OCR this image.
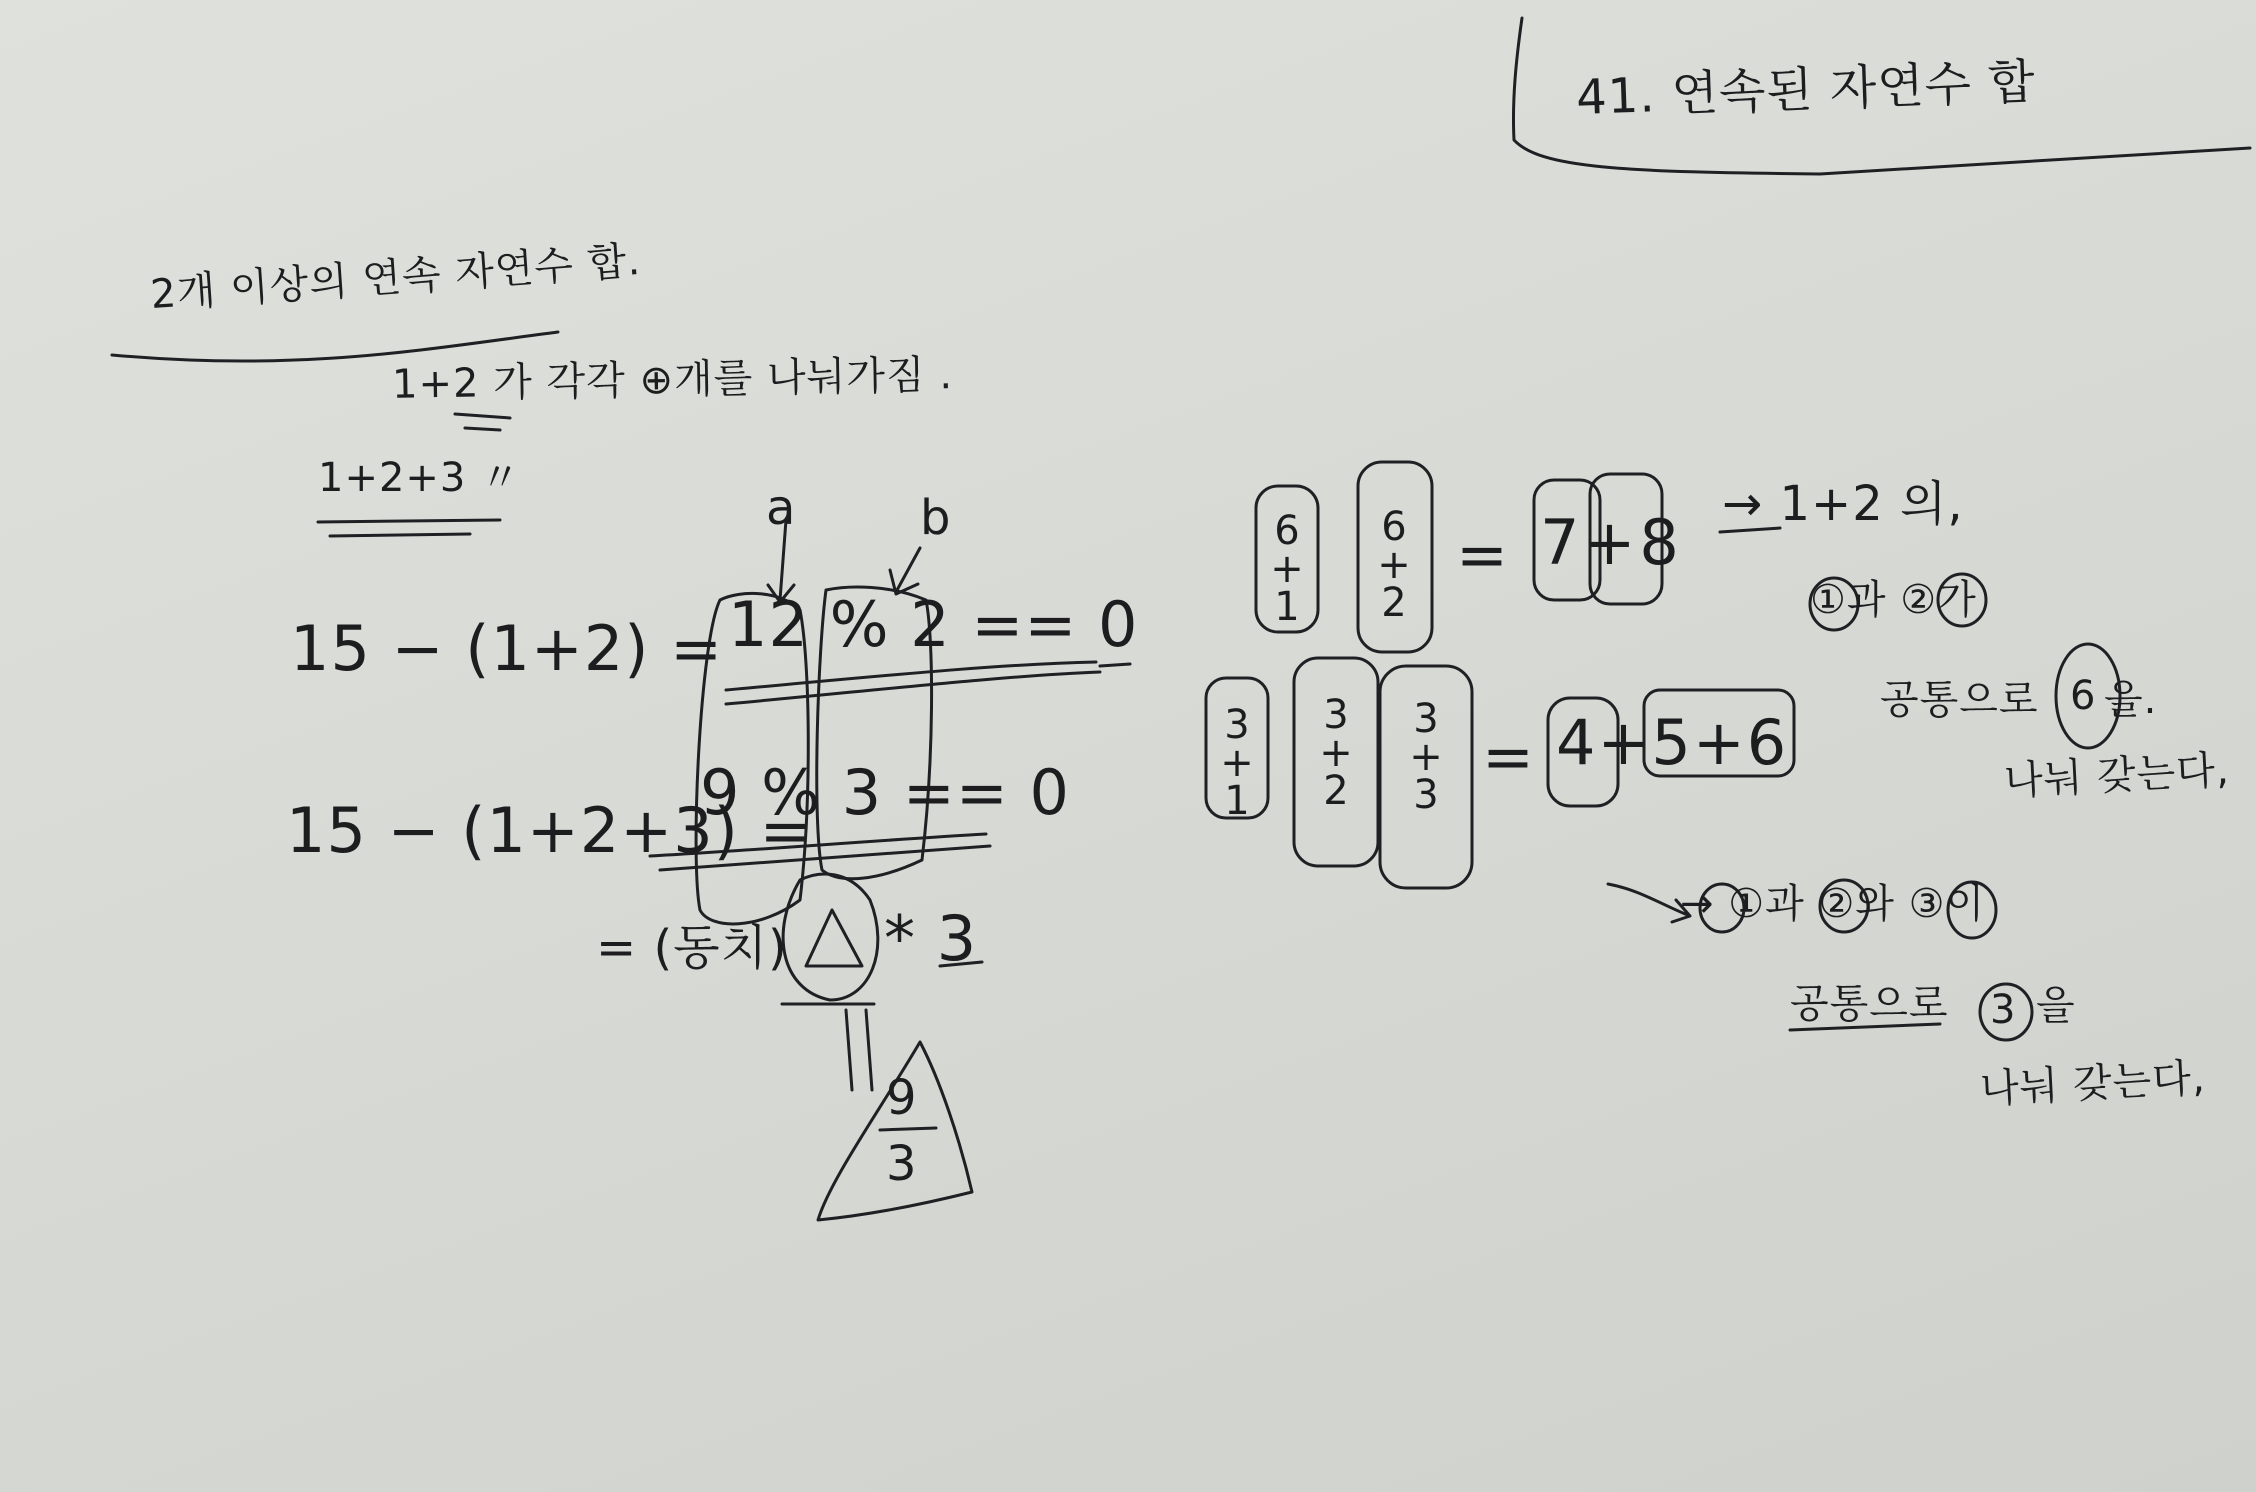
41. 연속된 자연수 합
2개 이상의 연속 자연수 합.
1+2 가 각각 ⊕개를 나눠가짐 .
1+2+3 〃
a	b
15 − (1+2) = 12 % 2 == 0
15 − (1+2+3) =
9 % 3 == 0
= (동치) * 3
9
3
6
+
1
6
+
2
= 7+8
→ 1+2 의,
①과 ②가
공통으로 6 을.
나눠 갖는다,
3
+
1
3
+
2
3
+
3
= 4+5+6
→ ①과 ②와 ③이
공통으로 3 을
나눠 갖는다,
